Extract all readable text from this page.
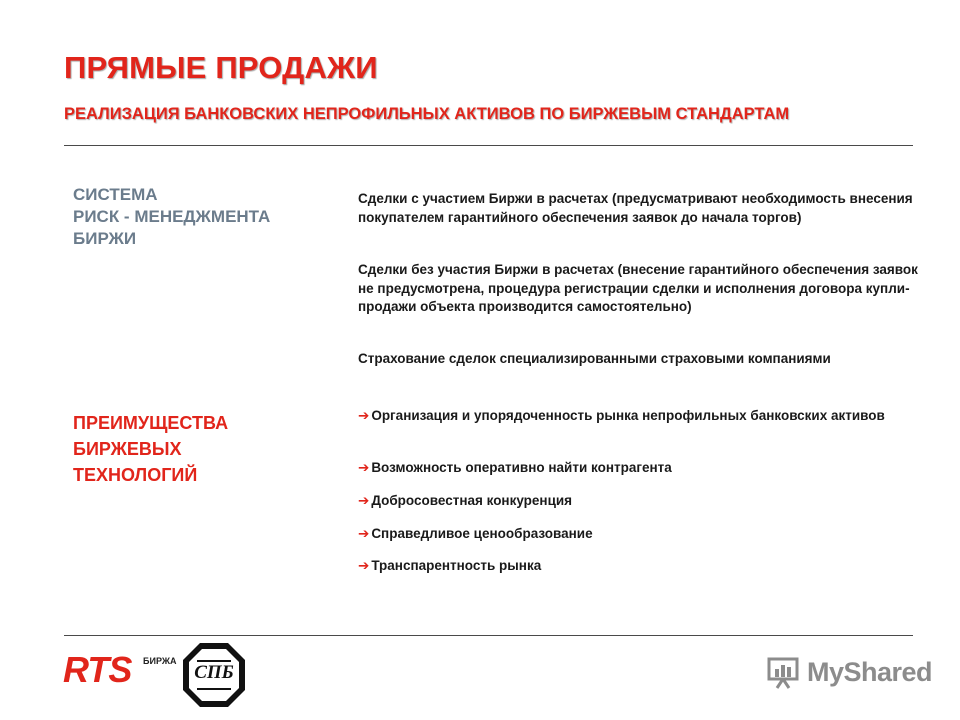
ПРЯМЫЕ ПРОДАЖИ
РЕАЛИЗАЦИЯ БАНКОВСКИХ НЕПРОФИЛЬНЫХ АКТИВОВ ПО БИРЖЕВЫМ СТАНДАРТАМ
СИСТЕМА
РИСК - МЕНЕДЖМЕНТА
БИРЖИ
Сделки с участием Биржи в расчетах (предусматривают необходимость внесения покупателем гарантийного обеспечения заявок до начала торгов)
Сделки без участия Биржи в расчетах (внесение гарантийного обеспечения заявок не предусмотрена, процедура регистрации сделки и исполнения договора купли-продажи объекта производится самостоятельно)
Страхование сделок специализированными страховыми компаниями
ПРЕИМУЩЕСТВА
БИРЖЕВЫХ
ТЕХНОЛОГИЙ
➔ Организация и упорядоченность рынка непрофильных банковских активов
➔ Возможность оперативно найти контрагента
➔ Добросовестная конкуренция
➔ Справедливое ценообразование
➔ Транспарентность рынка
RTS БИРЖА
СПБ	MyShared
